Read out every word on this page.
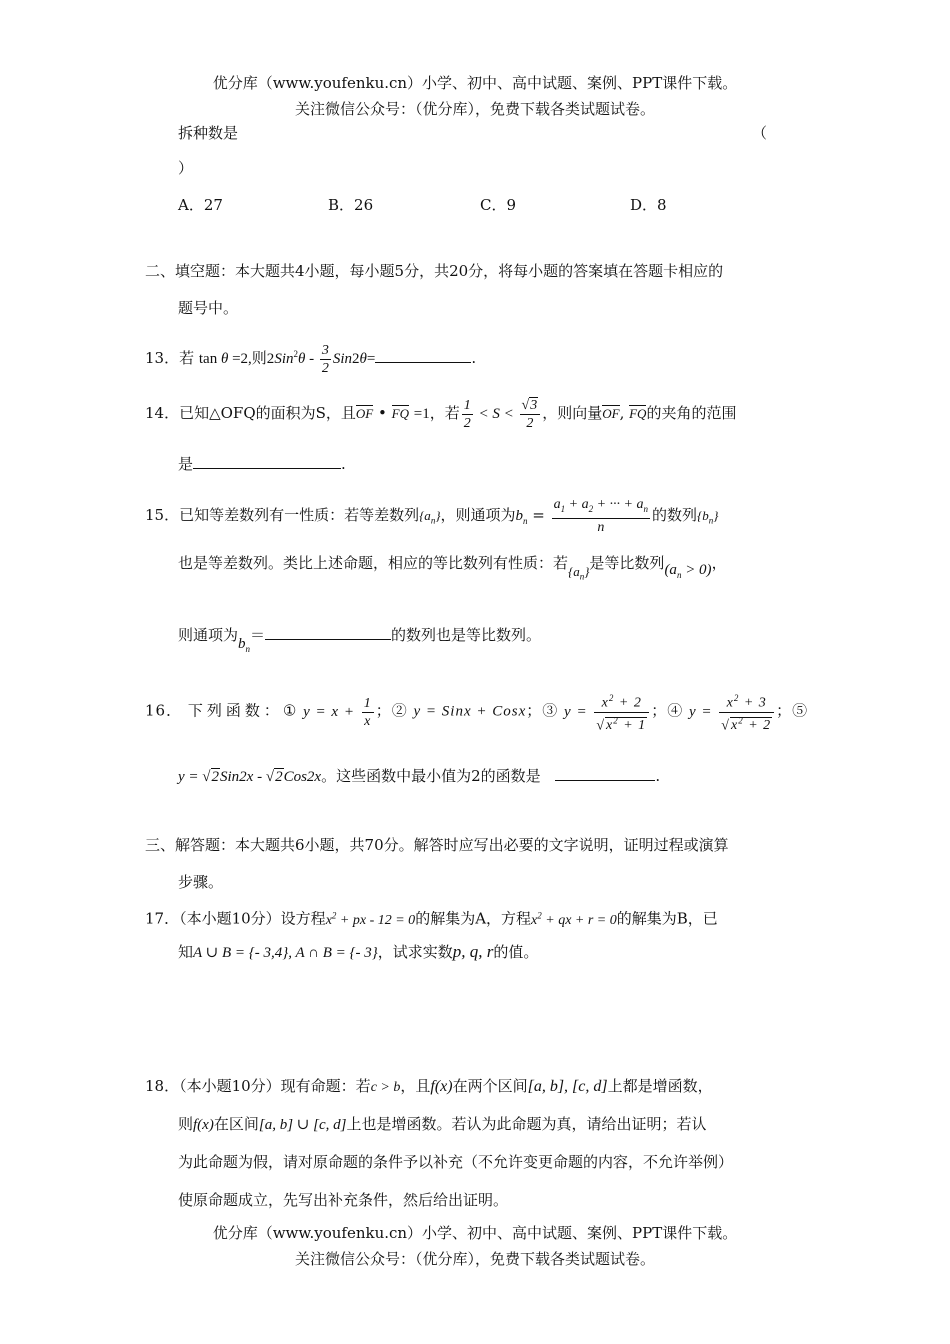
优分库（www.youfenku.cn）小学、初中、高中试题、案例、PPT课件下载。
关注微信公众号：（优分库），免费下载各类试题试卷。
拆种数是	（
）
A．27	B．26	C．9	D．8
二、填空题：本大题共4小题，每小题5分，共20分，将每小题的答案填在答题卡相应的
题号中。
13．若 tan θ =2,则$2Sin^2\theta - \frac{3}{2} Sin2\theta=$	.
14．已知△OFQ的面积为S，且OF • FQ =1，若 $\frac{1}{2} < S < \frac{√3}{2}$ ，则向量OF, FQ的夹角的范围
是	.
15．已知等差数列有一性质：若等差数列$\{a_n\}$，则通项为$b_n = \frac{a_1 + a_2 + \cdot\cdot\cdot + a_n}{n}$ 的数列$\{b_n\}$
也是等差数列。类比上述命题，相应的等比数列有性质：若$\{a_n\}$是等比数列$(a_n > 0)$，
则通项为$b_n=$	的数列也是等比数列。
16． 下列函数：① $y = x + \frac{1}{x}$ ；② y = Sinx + Cosx；③ $y = \frac{x^2 + 2}{√x^2 + 1}$ ；④ $y = \frac{x^2 + 3}{√x^2 + 2}$ ；⑤
y = √2Sin2x - √2Cos2x。这些函数中最小值为2的函数是	.
三、解答题：本大题共6小题，共70分。解答时应写出必要的文字说明，证明过程或演算
步骤。
17．（本小题10分）设方程$x^2$ + px - 12 = 0的解集为A，方程$x^2$ + qx + r = 0的解集为B，已
知A ∪ B = {- 3,4}, A ∩ B = {- 3}，试求实数p, q, r的值。
18．（本小题10分）现有命题：若c > b，且f(x)在两个区间[a, b], [c, d]上都是增函数，
则f(x)在区间[a, b] ∪ [c, d]上也是增函数。若认为此命题为真，请给出证明；若认
为此命题为假，请对原命题的条件予以补充（不允许变更命题的内容，不允许举例）
使原命题成立，先写出补充条件，然后给出证明。
优分库（www.youfenku.cn）小学、初中、高中试题、案例、PPT课件下载。
关注微信公众号：（优分库），免费下载各类试题试卷。
